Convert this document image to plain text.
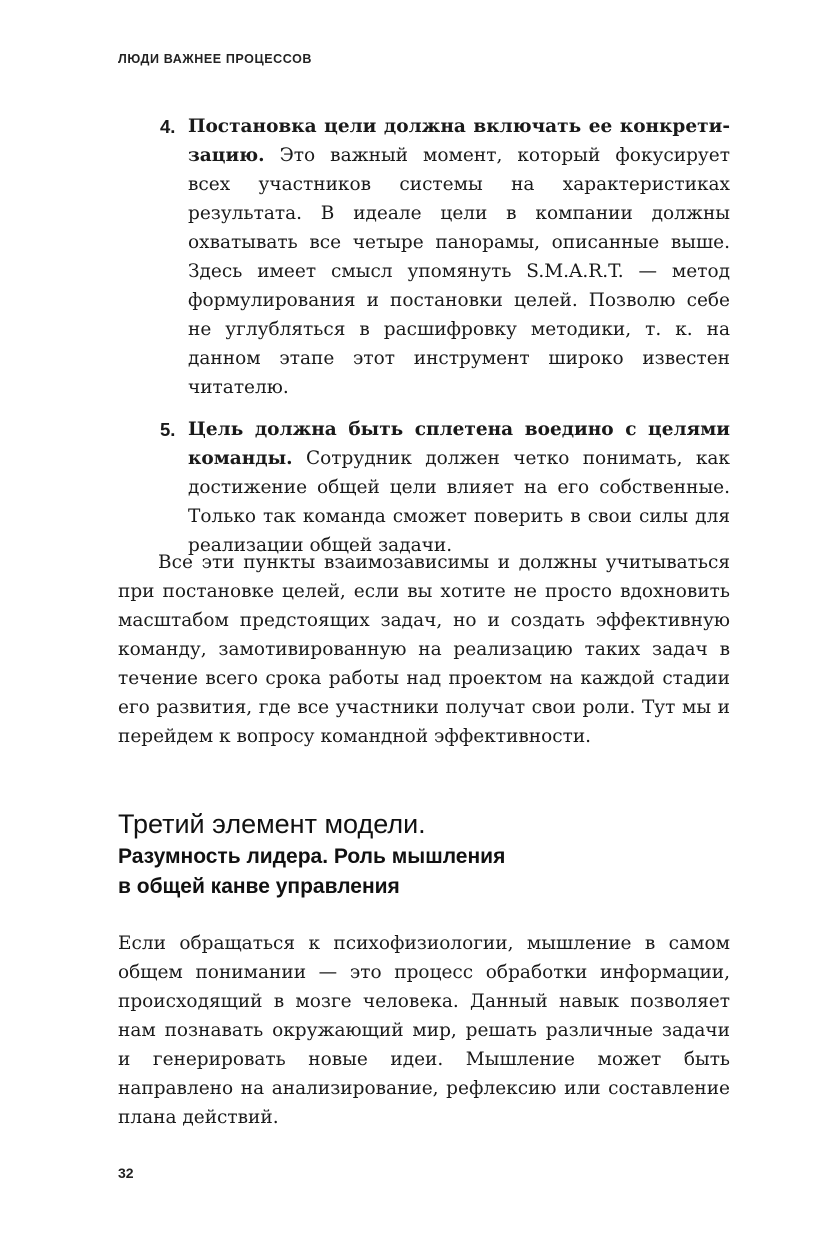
ЛЮДИ ВАЖНЕЕ ПРОЦЕССОВ
4. Постановка цели должна включать ее конкрети-зацию. Это важный момент, который фокусирует всех участников системы на характеристиках результата. В идеале цели в компании должны охватывать все четыре панорамы, описанные выше. Здесь имеет смысл упомянуть S.M.A.R.T. — метод формулирования и постановки целей. Позволю себе не углубляться в расшифровку методики, т. к. на данном этапе этот инструмент широко известен читателю.
5. Цель должна быть сплетена воедино с целями команды. Сотрудник должен четко понимать, как достижение общей цели влияет на его собственные. Только так команда сможет поверить в свои силы для реализации общей задачи.

Все эти пункты взаимозависимы и должны учитываться при постановке целей, если вы хотите не просто вдохновить масштабом предстоящих задач, но и создать эффективную команду, замотивированную на реализацию таких задач в течение всего срока работы над проектом на каждой стадии его развития, где все участники получат свои роли. Тут мы и перейдем к вопросу командной эффективности.

Третий элемент модели.
Разумность лидера. Роль мышления
в общей канве управления

Если обращаться к психофизиологии, мышление в самом общем понимании — это процесс обработки информации, происходящий в мозге человека. Данный навык позволяет нам познавать окружающий мир, решать различные задачи и генерировать новые идеи. Мышление может быть направлено на анализирование, рефлексию или составление плана действий.

32
